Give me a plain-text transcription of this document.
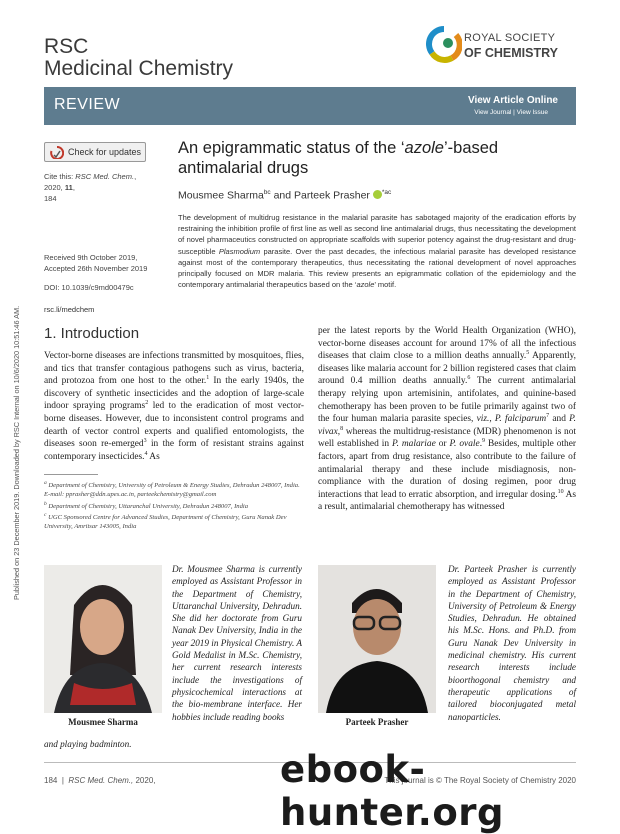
Published on 23 December 2019. Downloaded by RSC Internal on 10/6/2020 10:51:46 AM.
RSC
Medicinal Chemistry
ROYAL SOCIETY
OF CHEMISTRY
REVIEW	View Article Online
View Journal | View Issue
Check for updates
Cite this: RSC Med. Chem., 2020, 11,
184
Received 9th October 2019, Accepted 26th November 2019
DOI: 10.1039/c9md00479c
rsc.li/medchem
An epigrammatic status of the ‘azole’-based antimalarial drugs
Mousmee Sharma$^{bc}$ and Parteek Prasher $^{*ac}$

The development of multidrug resistance in the malarial parasite has sabotaged majority of the eradication efforts by restraining the inhibition profile of first line as well as second line antimalarial drugs, thus necessitating the development of novel pharmaceutics constructed on appropriate scaffolds with superior potency against the drug-resistant and drug-susceptible Plasmodium parasite. Over the past decades, the infectious malarial parasite has developed resistance against most of the contemporary therapeutics, thus necessitating the rational development of novel approaches principally focused on MDR malaria. This review presents an epigrammatic collation of the epidemiology and the contemporary antimalarial therapeutics based on the ‘azole’ motif.

1. Introduction

Vector-borne diseases are infections transmitted by mosquitoes, flies, and tics that transfer contagious pathogens such as virus, bacteria, and protozoa from one host to the other.$^1$ In the early 1940s, the discovery of synthetic insecticides and the adoption of large-scale indoor spraying programs$^2$ led to the eradication of most vector-borne diseases. However, due to inconsistent control programs and dearth of vector control experts and qualified entomologists, the diseases soon re-emerged$^3$ in the form of resistant strains against contemporary insecticides.$^4$ As

$^a$ Department of Chemistry, University of Petroleum & Energy Studies, Dehradun 248007, India. E-mail: pprasher@ddn.upes.ac.in, parteekchemistry@gmail.com

$^b$ Department of Chemistry, Uttaranchal University, Dehradun 248007, India

$^c$ UGC Sponsored Centre for Advanced Studies, Department of Chemistry, Guru Nanak Dev University, Amritsar 143005, India

per the latest reports by the World Health Organization (WHO), vector-borne diseases account for around 17% of all the infectious diseases that claim close to a million deaths annually.$^5$ Apparently, diseases like malaria account for 2 billion registered cases that claim around 0.4 million deaths annually.$^6$ The current antimalarial therapy relying upon artemisinin, antifolates, and quinine-based chemotherapy has been proven to be futile primarily against two of the four human malaria parasite species, viz., P. falciparum$^7$ and P. vivax,$^8$ whereas the multidrug-resistance (MDR) phenomenon is not well established in P. malariae or P. ovale.$^9$ Besides, multiple other factors, apart from drug resistance, also contribute to the failure of antimalarial therapy and these include misdiagnosis, non-compliance with the duration of dosing regimen, poor drug interactions that lead to erratic absorption, and irregular dosing.$^{10}$ As a result, antimalarial chemotherapy has witnessed

Mousmee Sharma
Dr. Mousmee Sharma is currently employed as Assistant Professor in the Department of Chemistry, Uttaranchal University, Dehradun. She did her doctorate from Guru Nanak Dev University, India in the year 2019 in Physical Chemistry. A Gold Medalist in M.Sc. Chemistry, her current research interests include the investigations of physicochemical interactions at the bio-membrane interface. Her hobbies include reading books
and playing badminton.
Parteek Prasher
Dr. Parteek Prasher is currently employed as Assistant Professor in the Department of Chemistry, University of Petroleum & Energy Studies, Dehradun. He obtained his M.Sc. Hons. and Ph.D. from Guru Nanak Dev University in medicinal chemistry. His current research interests include bioorthogonal chemistry and therapeutic applications of tailored bioconjugated metal nanoparticles.
184 | RSC Med. Chem., 2020,	This journal is © The Royal Society of Chemistry 2020
ebook-hunter.org
